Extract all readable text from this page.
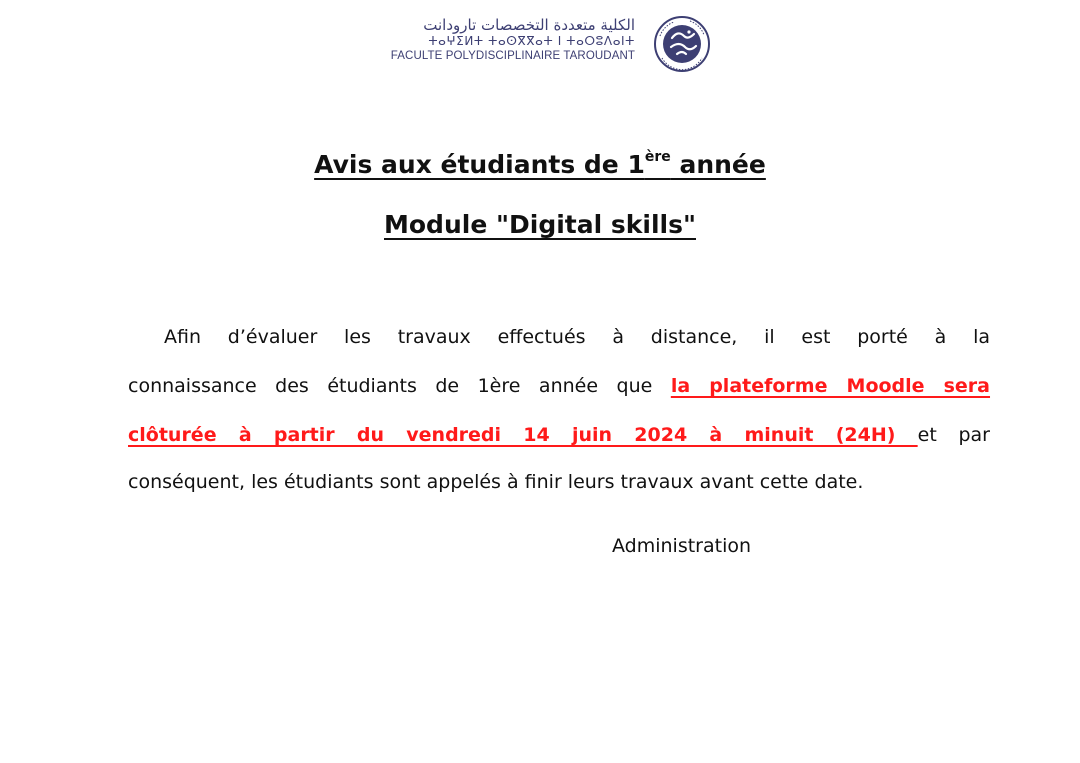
الكلية متعددة التخصصات تارودانت
ⵜⴰⵖⵉⵍⵜ ⵜⴰⵙⴳⴳⴰⵜ ⵏ ⵜⴰⵔⵓⴷⴰⵏⵜ
FACULTE POLYDISCIPLINAIRE TAROUDANT
Avis aux étudiants de 1ère année
Module "Digital skills"
Afin d’évaluer les travaux effectués à distance, il est porté à la
connaissance des étudiants de 1ère année que la plateforme Moodle sera
clôturée à partir du vendredi 14 juin 2024 à minuit (24H) et par
conséquent, les étudiants sont appelés à finir leurs travaux avant cette date.
Administration
